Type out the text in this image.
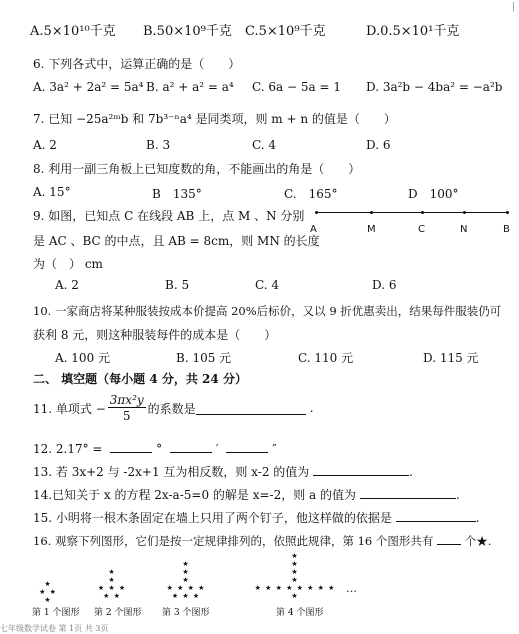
A.5×10¹⁰千克 B.50×10⁹千克 C.5×10⁹千克	D.0.5×10¹千克
|
6. 下列各式中，运算正确的是（　　）
A. 3a² + 2a² = 5a⁴ B. a² + a² = a⁴ C. 6a − 5a = 1 D. 3a²b − 4ba² = −a²b
7. 已知 −25a²ᵐb 和 7b³⁻ⁿa⁴ 是同类项，则 m + n 的值是（　　）
A. 2	B. 3	C. 4	D. 6
8. 利用一副三角板上已知度数的角，不能画出的角是（　　）
A. 15°	B　135°	C.　165°	D　100°
9. 如图，已知点 C 在线段 AB 上，点 M 、N 分别
是 AC 、BC 的中点，且 AB = 8cm，则 MN 的长度
为（　） cm
A	M	C	N	B
A. 2	B. 5	C. 4	D. 6
10. 一家商店将某种服装按成本价提高 20%后标价，又以 9 折优惠卖出，结果每件服装仍可
获利 8 元，则这种服装每件的成本是（　　）
A. 100 元	B. 105 元	C. 110 元	D. 115 元
二、 填空题（每小题 4 分，共 24 分）
11. 单项式 − $\frac{\text{3πx²y}}{5}$ 的系数是	.
12. 2.17° =	°	′	″
13. 若 3x+2 与 -2x+1 互为相反数，则 x-2 的值为	.
14.已知关于 x 的方程 2x-a-5=0 的解是 x=-2，则 a 的值为	.
15. 小明将一根木条固定在墙上只用了两个钉子，他这样做的依据是	.
16. 观察下列图形，它们是按一定规律排列的，依照此规律，第 16 个图形共有	个★.
★
★ ★ ★
第 1 个图形
★
★
★ ★ ★ ★ ★
第 2 个图形
★
★
★
★ ★ ★ ★ ★ ★ ★
第 3 个图形
★
★
★
★
★ ★ ★ ★ ★ ★ ★ ★ ★
第 4 个图形
…
七年级数学试卷 第 1页 共 3页
